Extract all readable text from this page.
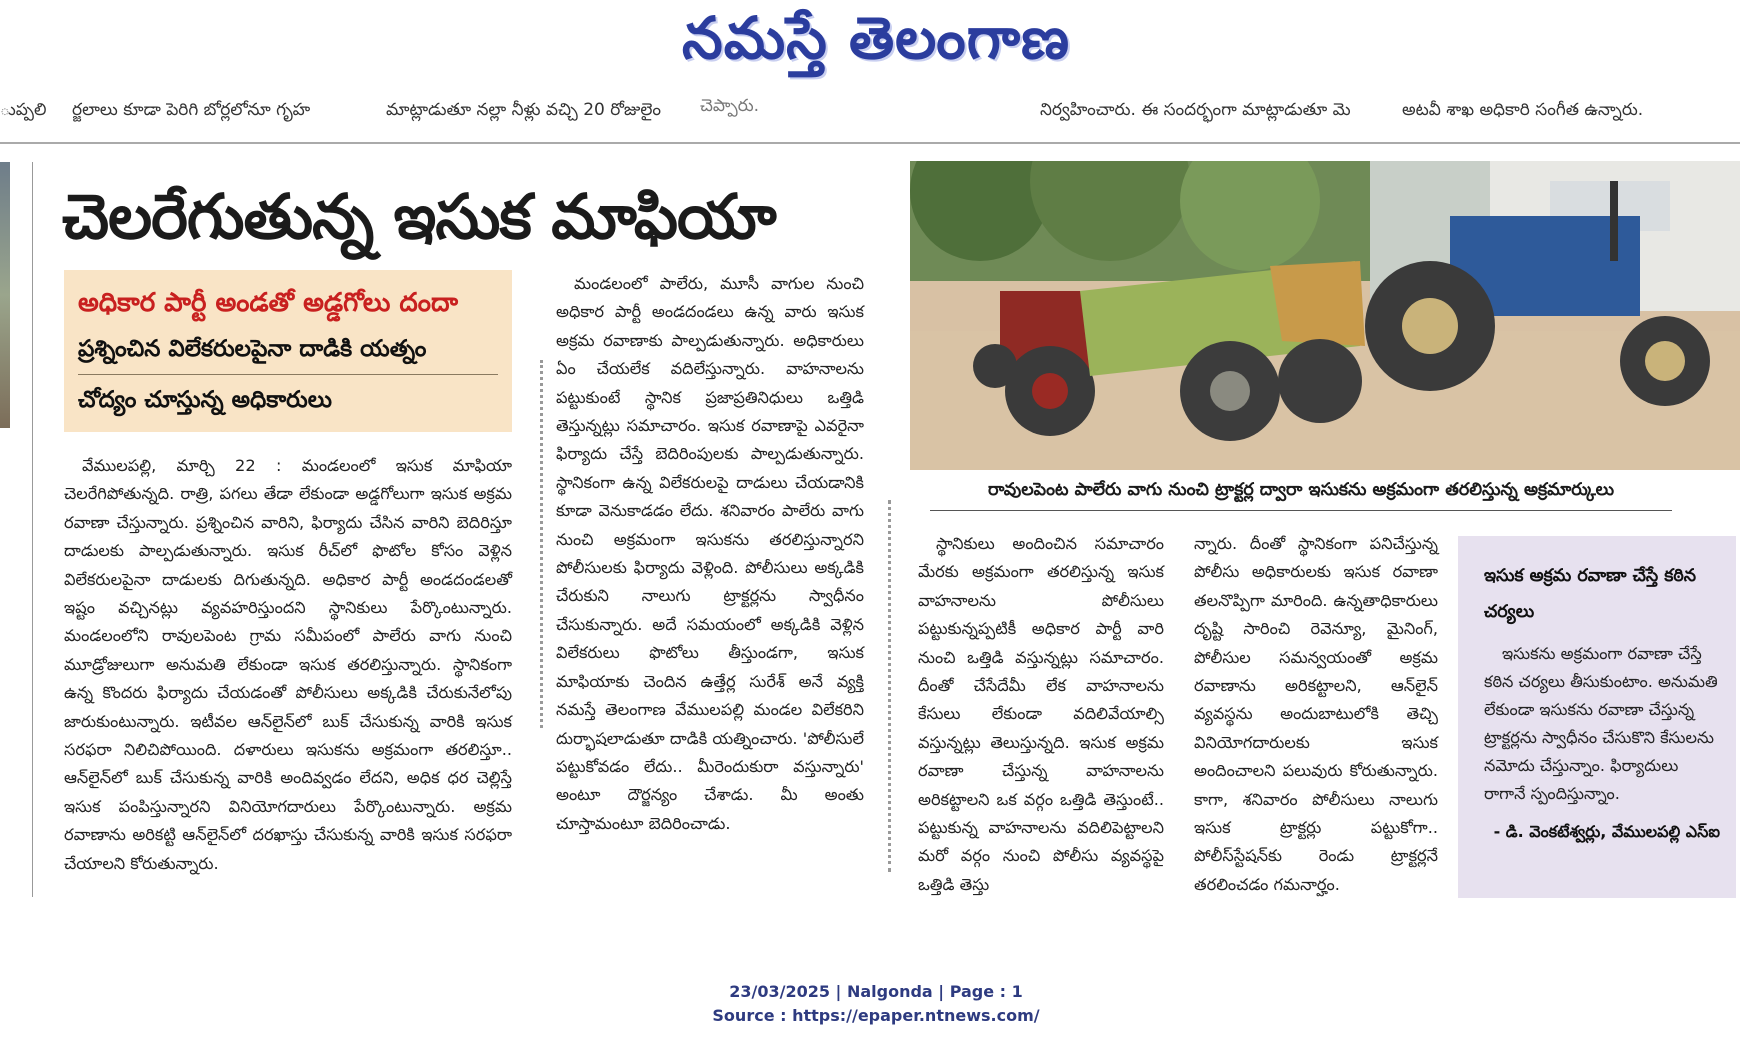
నమస్తే తెలంగాణ
ుప్పలి ర్జలాలు కూడా పెరిగి బోర్లలోనూ గృహ	మాట్లాడుతూ నల్లా నీళ్లు వచ్చి 20 రోజులైం చెప్పారు.	నిర్వహించారు. ఈ సందర్భంగా మాట్లాడుతూ మె	అటవీ శాఖ అధికారి సంగీత ఉన్నారు.
చెలరేగుతున్న ఇసుక మాఫియా
అధికార పార్టీ అండతో అడ్డగోలు దందా
ప్రశ్నించిన విలేకరులపైనా దాడికి యత్నం
చోద్యం చూస్తున్న అధికారులు

వేములపల్లి, మార్చి 22 : మండలంలో ఇసుక మాఫియా చెలరేగిపోతున్నది. రాత్రి, పగలు తేడా లేకుండా అడ్డగోలుగా ఇసుక అక్రమ రవాణా చేస్తున్నారు. ప్రశ్నించిన వారిని, ఫిర్యాదు చేసిన వారిని బెదిరిస్తూ దాడులకు పాల్పడుతున్నారు. ఇసుక రీచ్‌లో ఫొటోల కోసం వెళ్లిన విలేకరులపైనా దాడులకు దిగుతున్నది. అధికార పార్టీ అండదండలతో ఇష్టం వచ్చినట్లు వ్యవహరిస్తుందని స్థానికులు పేర్కొంటున్నారు. మండలంలోని రావులపెంట గ్రామ సమీపంలో పాలేరు వాగు నుంచి మూడ్రోజులుగా అనుమతి లేకుండా ఇసుక తరలిస్తున్నారు. స్థానికంగా ఉన్న కొందరు ఫిర్యాదు చేయడంతో పోలీసులు అక్కడికి చేరుకునేలోపు జారుకుంటున్నారు. ఇటీవల ఆన్‌లైన్‌లో బుక్ చేసుకున్న వారికి ఇసుక సరఫరా నిలిచిపోయింది. దళారులు ఇసుకను అక్రమంగా తరలిస్తూ.. ఆన్‌లైన్‌లో బుక్ చేసుకున్న వారికి అందివ్వడం లేదని, అధిక ధర చెల్లిస్తే ఇసుక పంపిస్తున్నారని వినియోగదారులు పేర్కొంటున్నారు. అక్రమ రవాణాను అరికట్టి ఆన్‌లైన్‌లో దరఖాస్తు చేసుకున్న వారికి ఇసుక సరఫరా చేయాలని కోరుతున్నారు.

మండలంలో పాలేరు, మూసీ వాగుల నుంచి అధికార పార్టీ అండదండలు ఉన్న వారు ఇసుక అక్రమ రవాణాకు పాల్పడుతున్నారు. అధికారులు ఏం చేయలేక వదిలేస్తున్నారు. వాహనాలను పట్టుకుంటే స్థానిక ప్రజాప్రతినిధులు ఒత్తిడి తెస్తున్నట్లు సమాచారం. ఇసుక రవాణాపై ఎవరైనా ఫిర్యాదు చేస్తే బెదిరింపులకు పాల్పడుతున్నారు. స్థానికంగా ఉన్న విలేకరులపై దాడులు చేయడానికి కూడా వెనుకాడడం లేదు. శనివారం పాలేరు వాగు నుంచి అక్రమంగా ఇసుకను తరలిస్తున్నారని పోలీసులకు ఫిర్యాదు వెళ్లింది. పోలీసులు అక్కడికి చేరుకుని నాలుగు ట్రాక్టర్లను స్వాధీనం చేసుకున్నారు. అదే సమయంలో అక్కడికి వెళ్లిన విలేకరులు ఫొటోలు తీస్తుండగా, ఇసుక మాఫియాకు చెందిన ఉత్తేర్ల సురేశ్ అనే వ్యక్తి నమస్తే తెలంగాణ వేములపల్లి మండల విలేకరిని దుర్భాషలాడుతూ దాడికి యత్నించారు. 'పోలీసులే పట్టుకోవడం లేదు.. మీరెందుకురా వస్తున్నారు' అంటూ దౌర్జన్యం చేశాడు. మీ అంతు చూస్తామంటూ బెదిరించాడు.

రావులపెంట పాలేరు వాగు నుంచి ట్రాక్టర్ల ద్వారా ఇసుకను అక్రమంగా తరలిస్తున్న అక్రమార్కులు

స్థానికులు అందించిన సమాచారం మేరకు అక్రమంగా తరలిస్తున్న ఇసుక వాహనాలను పోలీసులు పట్టుకున్నప్పటికీ అధికార పార్టీ వారి నుంచి ఒత్తిడి వస్తున్నట్లు సమాచారం. దీంతో చేసేదేమీ లేక వాహనాలను కేసులు లేకుండా వదిలివేయాల్సి వస్తున్నట్లు తెలుస్తున్నది. ఇసుక అక్రమ రవాణా చేస్తున్న వాహనాలను అరికట్టాలని ఒక వర్గం ఒత్తిడి తెస్తుంటే.. పట్టుకున్న వాహనాలను వదిలిపెట్టాలని మరో వర్గం నుంచి పోలీసు వ్యవస్థపై ఒత్తిడి తెస్తు

న్నారు. దీంతో స్థానికంగా పనిచేస్తున్న పోలీసు అధికారులకు ఇసుక రవాణా తలనొప్పిగా మారింది. ఉన్నతాధికారులు దృష్టి సారించి రెవెన్యూ, మైనింగ్, పోలీసుల సమన్వయంతో అక్రమ రవాణాను అరికట్టాలని, ఆన్‌లైన్ వ్యవస్థను అందుబాటులోకి తెచ్చి వినియోగదారులకు ఇసుక అందించాలని పలువురు కోరుతున్నారు. కాగా, శనివారం పోలీసులు నాలుగు ఇసుక ట్రాక్టర్లు పట్టుకోగా.. పోలీస్‌స్టేషన్‌కు రెండు ట్రాక్టర్లనే తరలించడం గమనార్హం.

ఇసుక అక్రమ రవాణా చేస్తే కఠిన చర్యలు
ఇసుకను అక్రమంగా రవాణా చేస్తే కఠిన చర్యలు తీసుకుంటాం. అనుమతి లేకుండా ఇసుకను రవాణా చేస్తున్న ట్రాక్టర్లను స్వాధీనం చేసుకొని కేసులను నమోదు చేస్తున్నాం. ఫిర్యాదులు రాగానే స్పందిస్తున్నాం.
- డి. వెంకటేశ్వర్లు, వేములపల్లి ఎస్ఐ
23/03/2025 | Nalgonda | Page : 1
Source : https://epaper.ntnews.com/
